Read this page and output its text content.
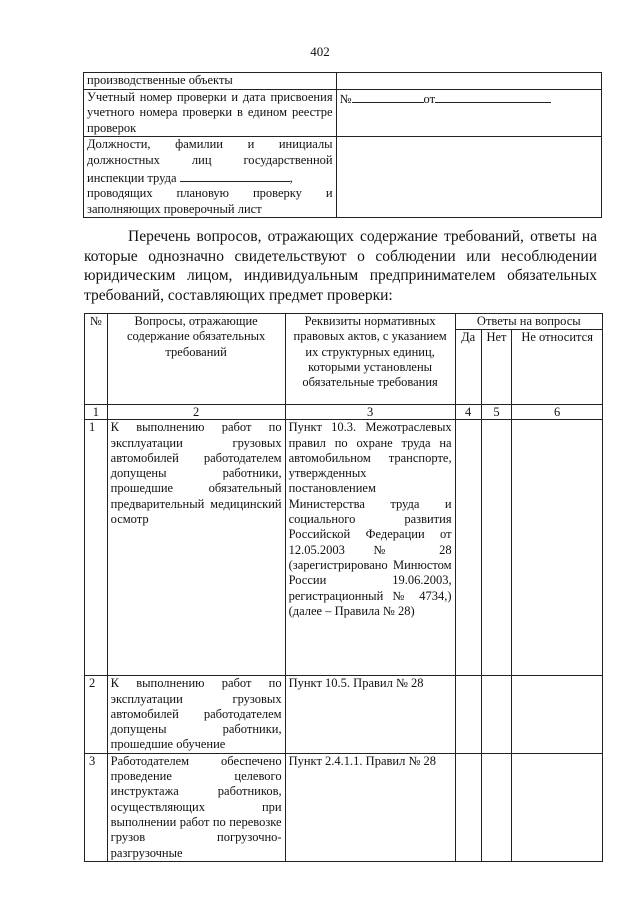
402
производственные объекты	
Учетный номер проверки и дата присвоения учетного номера проверки в едином реестре проверок	№ от

Должности, фамилии и инициалы
должностных лиц государственной
инспекции труда ,
проводящих плановую проверку и
заполняющих проверочный лист	

Перечень вопросов, отражающих содержание требований, ответы на которые однозначно свидетельствуют о соблюдении или несоблюдении юридическим лицом, индивидуальным предпринимателем обязательных требований, составляющих предмет проверки:
№	Вопросы, отражающие содержание обязательных требований	Реквизиты нормативных правовых актов, с указанием их структурных единиц, которыми установлены обязательные требования	Ответы на вопросы		
			Да	Нет	Не относится
1	2	3	4	5	6
1	К выполнению работ по эксплуатации грузовых автомобилей работодателем допущены работники, прошедшие обязательный предварительный медицинский осмотр	Пункт 10.3. Межотраслевых правил по охране труда на автомобильном транспорте, утвержденных постановлением Министерства труда и социального развития Российской Федерации от 12.05.2003 № 28 (зарегистрировано Минюстом России 19.06.2003, регистрационный № 4734,) (далее – Правила № 28)			
2	К выполнению работ по эксплуатации грузовых автомобилей работодателем допущены работники, прошедшие обучение	Пункт 10.5. Правил № 28			
3	Работодателем обеспечено проведение целевого инструктажа работников, осуществляющих при выполнении работ по перевозке грузов погрузочно-разгрузочные	Пункт 2.4.1.1. Правил № 28			
